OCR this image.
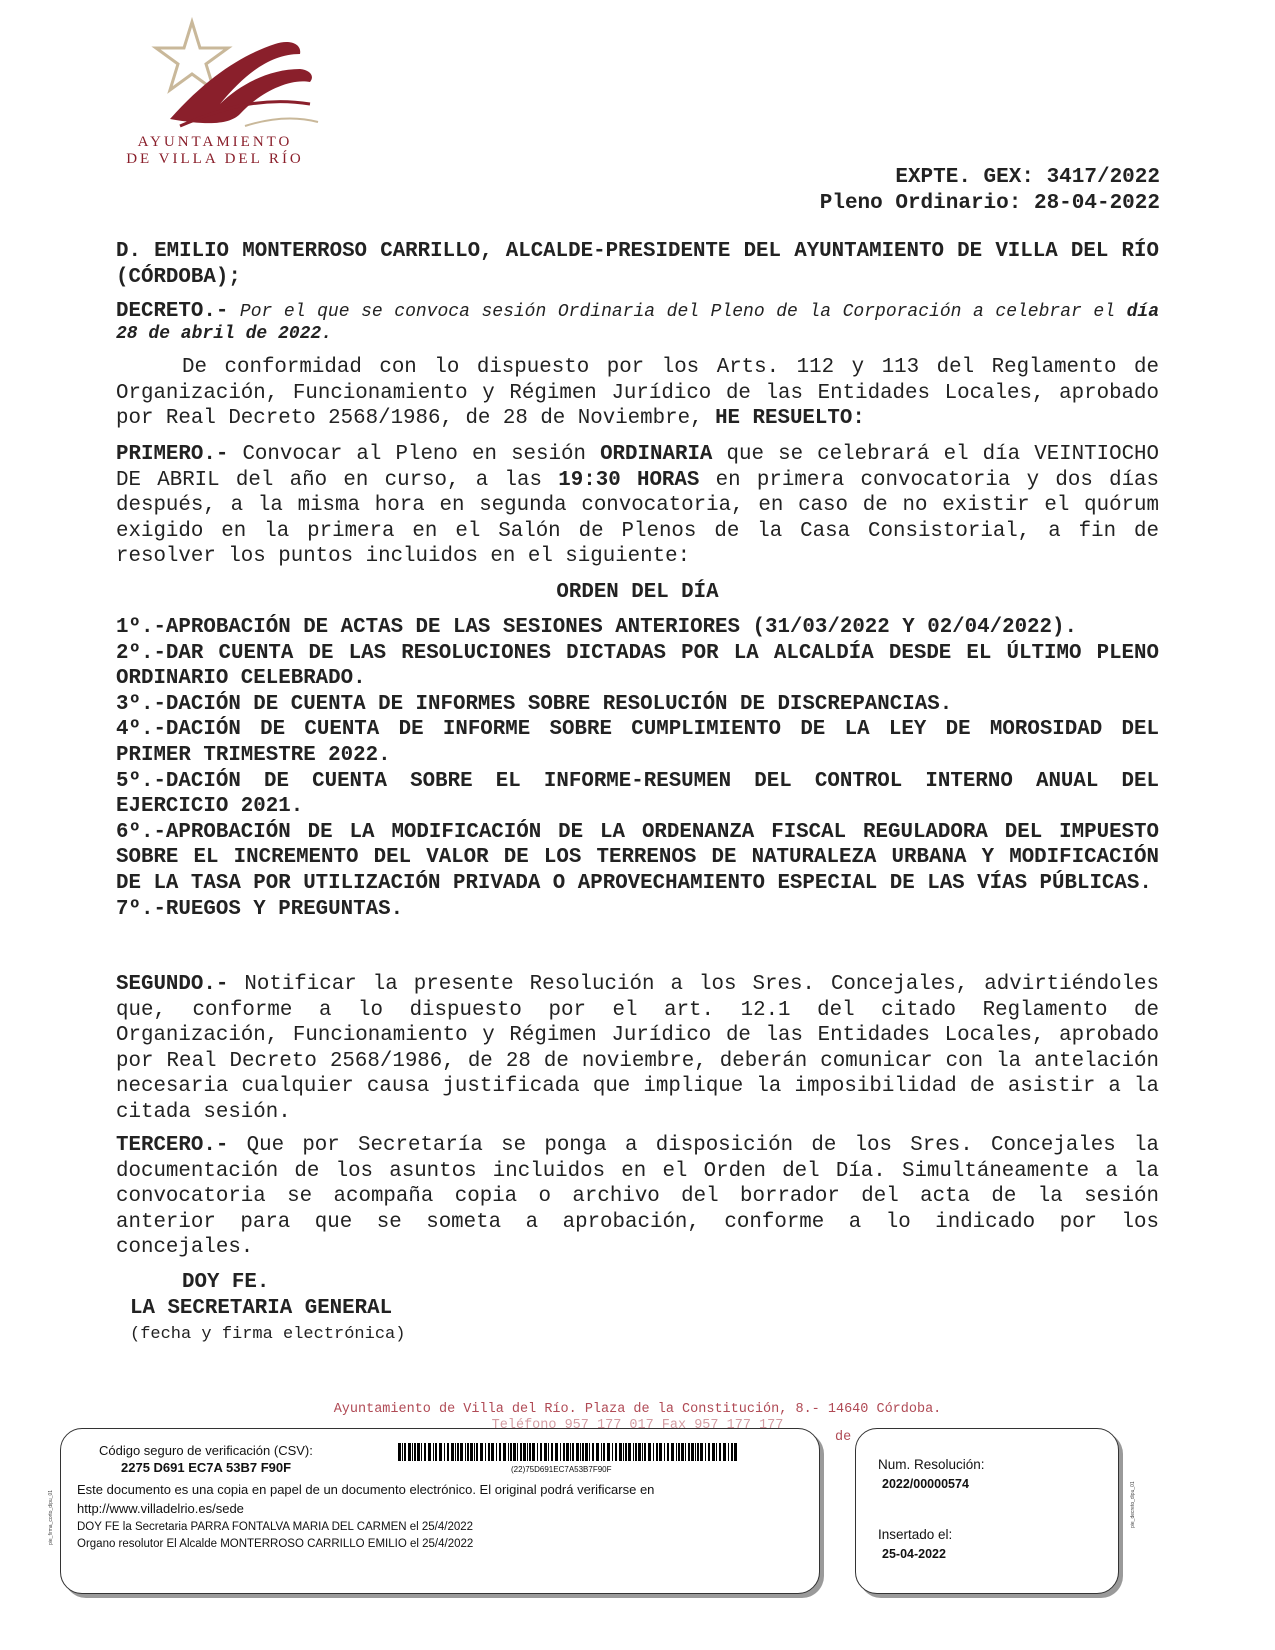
AYUNTAMIENTO
DE VILLA DEL RÍO
EXPTE. GEX: 3417/2022
Pleno Ordinario: 28-04-2022
D. EMILIO MONTERROSO CARRILLO, ALCALDE-PRESIDENTE DEL AYUNTAMIENTO DE VILLA DEL RÍO (CÓRDOBA);
DECRETO.- Por el que se convoca sesión Ordinaria del Pleno de la Corporación a celebrar el día 28 de abril de 2022.
De conformidad con lo dispuesto por los Arts. 112 y 113 del Reglamento de Organización, Funcionamiento y Régimen Jurídico de las Entidades Locales, aprobado por Real Decreto 2568/1986, de 28 de Noviembre, HE RESUELTO:
PRIMERO.- Convocar al Pleno en sesión ORDINARIA que se celebrará el día VEINTIOCHO DE ABRIL del año en curso, a las 19:30 HORAS en primera convocatoria y dos días después, a la misma hora en segunda convocatoria, en caso de no existir el quórum exigido en la primera en el Salón de Plenos de la Casa Consistorial, a fin de resolver los puntos incluidos en el siguiente:
ORDEN DEL DÍA
1º.-APROBACIÓN DE ACTAS DE LAS SESIONES ANTERIORES (31/03/2022 Y 02/04/2022).
2º.-DAR CUENTA DE LAS RESOLUCIONES DICTADAS POR LA ALCALDÍA DESDE EL ÚLTIMO PLENO ORDINARIO CELEBRADO.
3º.-DACIÓN DE CUENTA DE INFORMES SOBRE RESOLUCIÓN DE DISCREPANCIAS.
4º.-DACIÓN DE CUENTA DE INFORME SOBRE CUMPLIMIENTO DE LA LEY DE MOROSIDAD DEL PRIMER TRIMESTRE 2022.
5º.-DACIÓN DE CUENTA SOBRE EL INFORME-RESUMEN DEL CONTROL INTERNO ANUAL DEL EJERCICIO 2021.
6º.-APROBACIÓN DE LA MODIFICACIÓN DE LA ORDENANZA FISCAL REGULADORA DEL IMPUESTO SOBRE EL INCREMENTO DEL VALOR DE LOS TERRENOS DE NATURALEZA URBANA Y MODIFICACIÓN DE LA TASA POR UTILIZACIÓN PRIVADA O APROVECHAMIENTO ESPECIAL DE LAS VÍAS PÚBLICAS.
7º.-RUEGOS Y PREGUNTAS.
SEGUNDO.- Notificar la presente Resolución a los Sres. Concejales, advirtiéndoles que, conforme a lo dispuesto por el art. 12.1 del citado Reglamento de Organización, Funcionamiento y Régimen Jurídico de las Entidades Locales, aprobado por Real Decreto 2568/1986, de 28 de noviembre, deberán comunicar con la antelación necesaria cualquier causa justificada que implique la imposibilidad de asistir a la citada sesión.
TERCERO.- Que por Secretaría se ponga a disposición de los Sres. Concejales la documentación de los asuntos incluidos en el Orden del Día. Simultáneamente a la convocatoria se acompaña copia o archivo del borrador del acta de la sesión anterior para que se someta a aprobación, conforme a lo indicado por los concejales.
DOY FE.
LA SECRETARIA GENERAL
(fecha y firma electrónica)
Ayuntamiento de Villa del Río. Plaza de la Constitución, 8.- 14640 Córdoba.
Teléfono 957 177 017 Fax 957 177 177
de
Código seguro de verificación (CSV):
2275 D691 EC7A 53B7 F90F	(22)75D691EC7A53B7F90F
Este documento es una copia en papel de un documento electrónico. El original podrá verificarse en
http://www.villadelrio.es/sede
DOY FE la Secretaria PARRA FONTALVA MARIA DEL CARMEN el 25/4/2022
Organo resolutor El Alcalde MONTERROSO CARRILLO EMILIO el 25/4/2022
pie_firma_corto_dipu_01
Num. Resolución:
2022/00000574
Insertado el:
25-04-2022
pie_decreto_dipu_01
